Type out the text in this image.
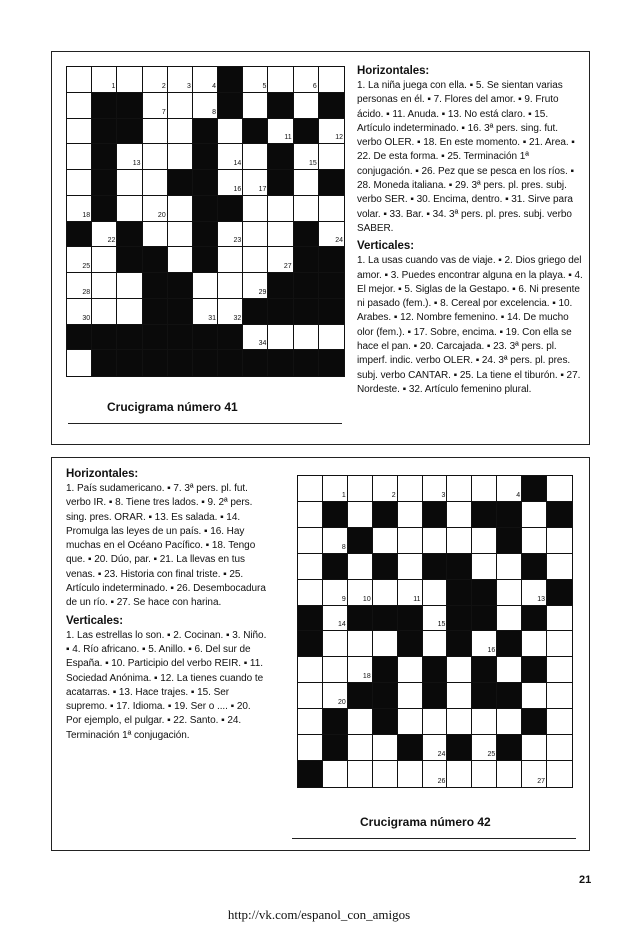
1	2	3	4	5	6
7	8
11	12
13	14	15
16 17
18	20
22	23	24
25	27
28	29
30	31 32
34
Crucigrama número 41
Horizontales:

1. La niña juega con ella. ▪ 5. Se sientan varias personas en él. ▪ 7. Flores del amor. ▪ 9. Fruto ácido. ▪ 11. Anuda. ▪ 13. No está claro. ▪ 15. Artículo indeterminado. ▪ 16. 3ª pers. sing. fut. verbo OLER. ▪ 18. En este momento. ▪ 21. Area. ▪ 22. De esta forma. ▪ 25. Terminación 1ª conjugación. ▪ 26. Pez que se pesca en los ríos. ▪ 28. Moneda italiana. ▪ 29. 3ª pers. pl. pres. subj. verbo SER. ▪ 30. Encima, dentro. ▪ 31. Sirve para volar. ▪ 33. Bar. ▪ 34. 3ª pers. pl. pres. subj. verbo SABER.

Verticales:

1. La usas cuando vas de viaje. ▪ 2. Dios griego del amor. ▪ 3. Puedes encontrar alguna en la playa. ▪ 4. El mejor. ▪ 5. Siglas de la Gestapo. ▪ 6. Ni presente ni pasado (fem.). ▪ 8. Cereal por excelencia. ▪ 10. Arabes. ▪ 12. Nombre femenino. ▪ 14. De mucho olor (fem.). ▪ 17. Sobre, encima. ▪ 19. Con ella se hace el pan. ▪ 20. Carcajada. ▪ 23. 3ª pers. pl. imperf. indic. verbo OLER. ▪ 24. 3ª pers. pl. pres. subj. verbo CANTAR. ▪ 25. La tiene el tiburón. ▪ 27. Nordeste. ▪ 32. Artículo femenino plural.

Horizontales:

1. País sudamericano. ▪ 7. 3ª pers. pl. fut. verbo IR. ▪ 8. Tiene tres lados. ▪ 9. 2ª pers. sing. pres. ORAR. ▪ 13. Es salada. ▪ 14. Promulga las leyes de un país. ▪ 16. Hay muchas en el Océano Pacífico. ▪ 18. Tengo que. ▪ 20. Dúo, par. ▪ 21. La llevas en tus venas. ▪ 23. Historia con final triste. ▪ 25. Artículo indeterminado. ▪ 26. Desembocadura de un río. ▪ 27. Se hace con harina.

Verticales:

1. Las estrellas lo son. ▪ 2. Cocinan. ▪ 3. Niño. ▪ 4. Río africano. ▪ 5. Anillo. ▪ 6. Del sur de España. ▪ 10. Participio del verbo REIR. ▪ 11. Sociedad Anónima. ▪ 12. La tienes cuando te acatarras. ▪ 13. Hace trajes. ▪ 15. Ser supremo. ▪ 17. Idioma. ▪ 19. Ser o .... ▪ 20. Por ejemplo, el pulgar. ▪ 22. Santo. ▪ 24. Terminación 1ª conjugación.

1	2	3	4
8
9 10	11	13
14	15
16
18
20
24	25
26	27
Crucigrama número 42
21
http://vk.com/espanol_con_amigos
